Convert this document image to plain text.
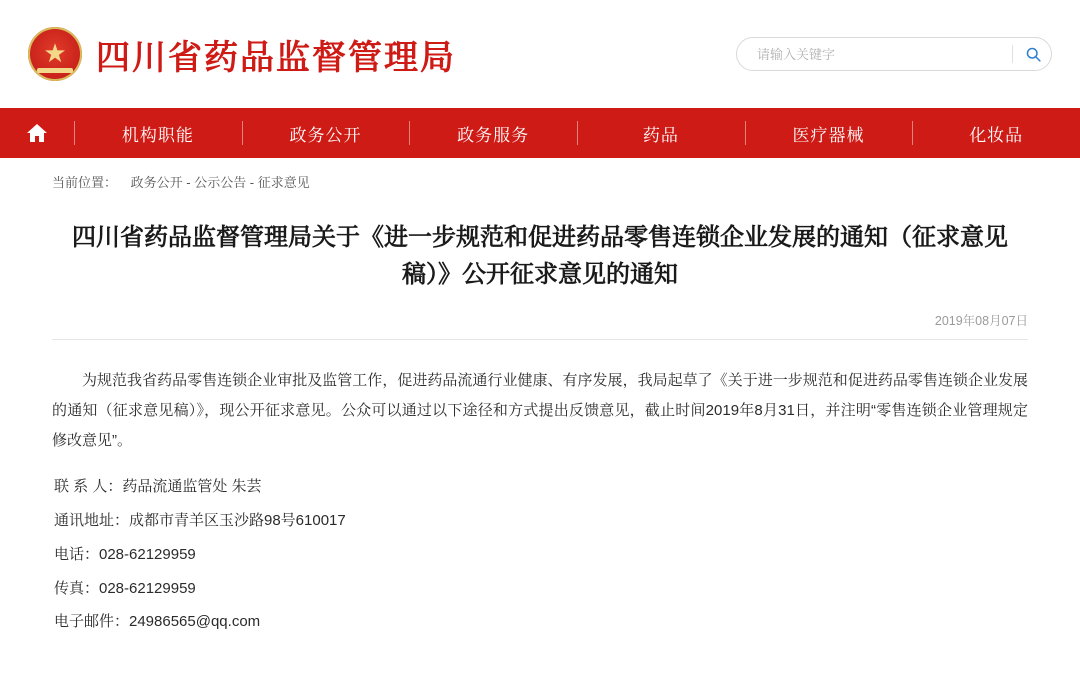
★
四川省药品监督管理局
请输入关键字
机构职能	政务公开	政务服务	药品	医疗器械	化妆品
当前位置： 政务公开 - 公示公告 - 征求意见
四川省药品监督管理局关于《进一步规范和促进药品零售连锁企业发展的通知（征求意见稿）》公开征求意见的通知
2019年08月07日

为规范我省药品零售连锁企业审批及监管工作，促进药品流通行业健康、有序发展，我局起草了《关于进一步规范和促进药品零售连锁企业发展的通知（征求意见稿）》，现公开征求意见。公众可以通过以下途径和方式提出反馈意见，截止时间2019年8月31日，并注明“零售连锁企业管理规定修改意见”。

联 系 人：药品流通监管处 朱芸

通讯地址：成都市青羊区玉沙路98号610017

电话：028-62129959

传真：028-62129959

电子邮件：24986565@qq.com
